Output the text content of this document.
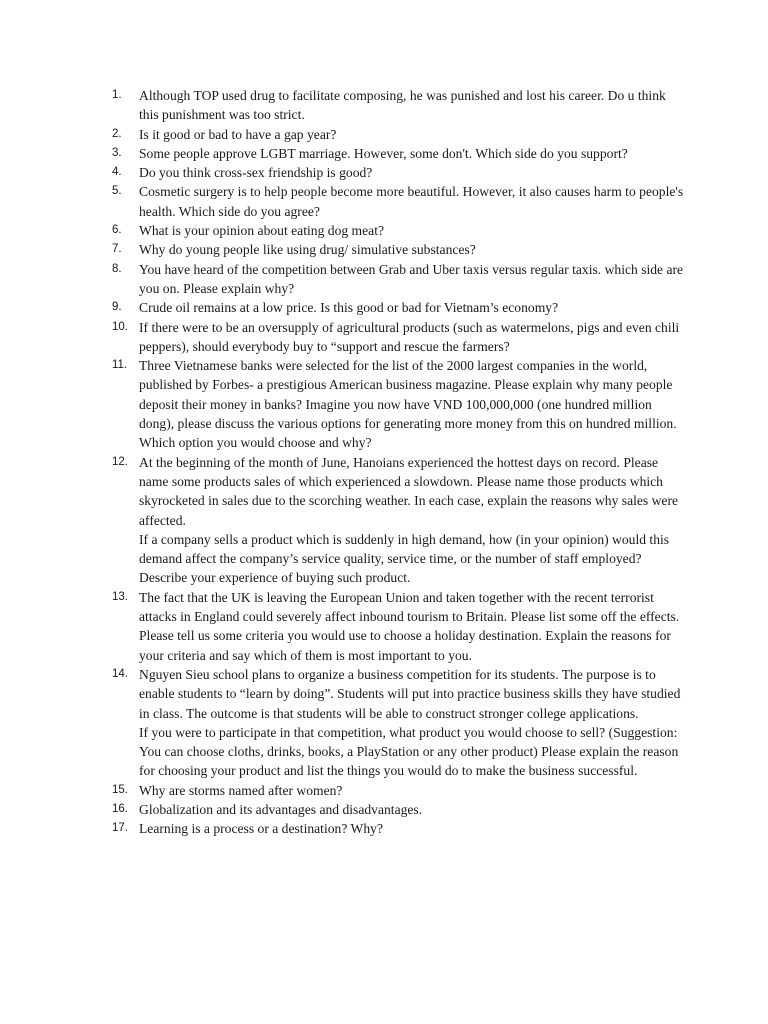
1.	Although TOP used drug to facilitate composing, he was punished and lost his career. Do u think this punishment was too strict.
2.	Is it good or bad to have a gap year?
3.	Some people approve LGBT marriage. However, some don't. Which side do you support?
4.	Do you think cross-sex friendship is good?
5.	Cosmetic surgery is to help people become more beautiful. However, it also causes harm to people's health. Which side do you agree?
6.	What is your opinion about eating dog meat?
7.	Why do young people like using drug/ simulative substances?
8.	You have heard of the competition between Grab and Uber taxis versus regular taxis. which side are you on. Please explain why?
9.	Crude oil remains at a low price. Is this good or bad for Vietnam’s economy?
10. If there were to be an oversupply of agricultural products (such as watermelons, pigs and even chili peppers), should everybody buy to “support and rescue the farmers?
11. Three Vietnamese banks were selected for the list of the 2000 largest companies in the world, published by Forbes- a prestigious American business magazine. Please explain why many people deposit their money in banks? Imagine you now have VND 100,000,000 (one hundred million dong), please discuss the various options for generating more money from this on hundred million. Which option you would choose and why?
12. At the beginning of the month of June, Hanoians experienced the hottest days on record. Please name some products sales of which experienced a slowdown. Please name those products which skyrocketed in sales due to the scorching weather. In each case, explain the reasons why sales were affected.
If a company sells a product which is suddenly in high demand, how (in your opinion) would this demand affect the company’s service quality, service time, or the number of staff employed? Describe your experience of buying such product.
13. The fact that the UK is leaving the European Union and taken together with the recent terrorist attacks in England could severely affect inbound tourism to Britain. Please list some off the effects. Please tell us some criteria you would use to choose a holiday destination. Explain the reasons for your criteria and say which of them is most important to you.
14. Nguyen Sieu school plans to organize a business competition for its students. The purpose is to enable students to “learn by doing”. Students will put into practice business skills they have studied in class. The outcome is that students will be able to construct stronger college applications.
If you were to participate in that competition, what product you would choose to sell? (Suggestion: You can choose cloths, drinks, books, a PlayStation or any other product) Please explain the reason for choosing your product and list the things you would do to make the business successful.
15. Why are storms named after women?
16. Globalization and its advantages and disadvantages.
17. Learning is a process or a destination? Why?
